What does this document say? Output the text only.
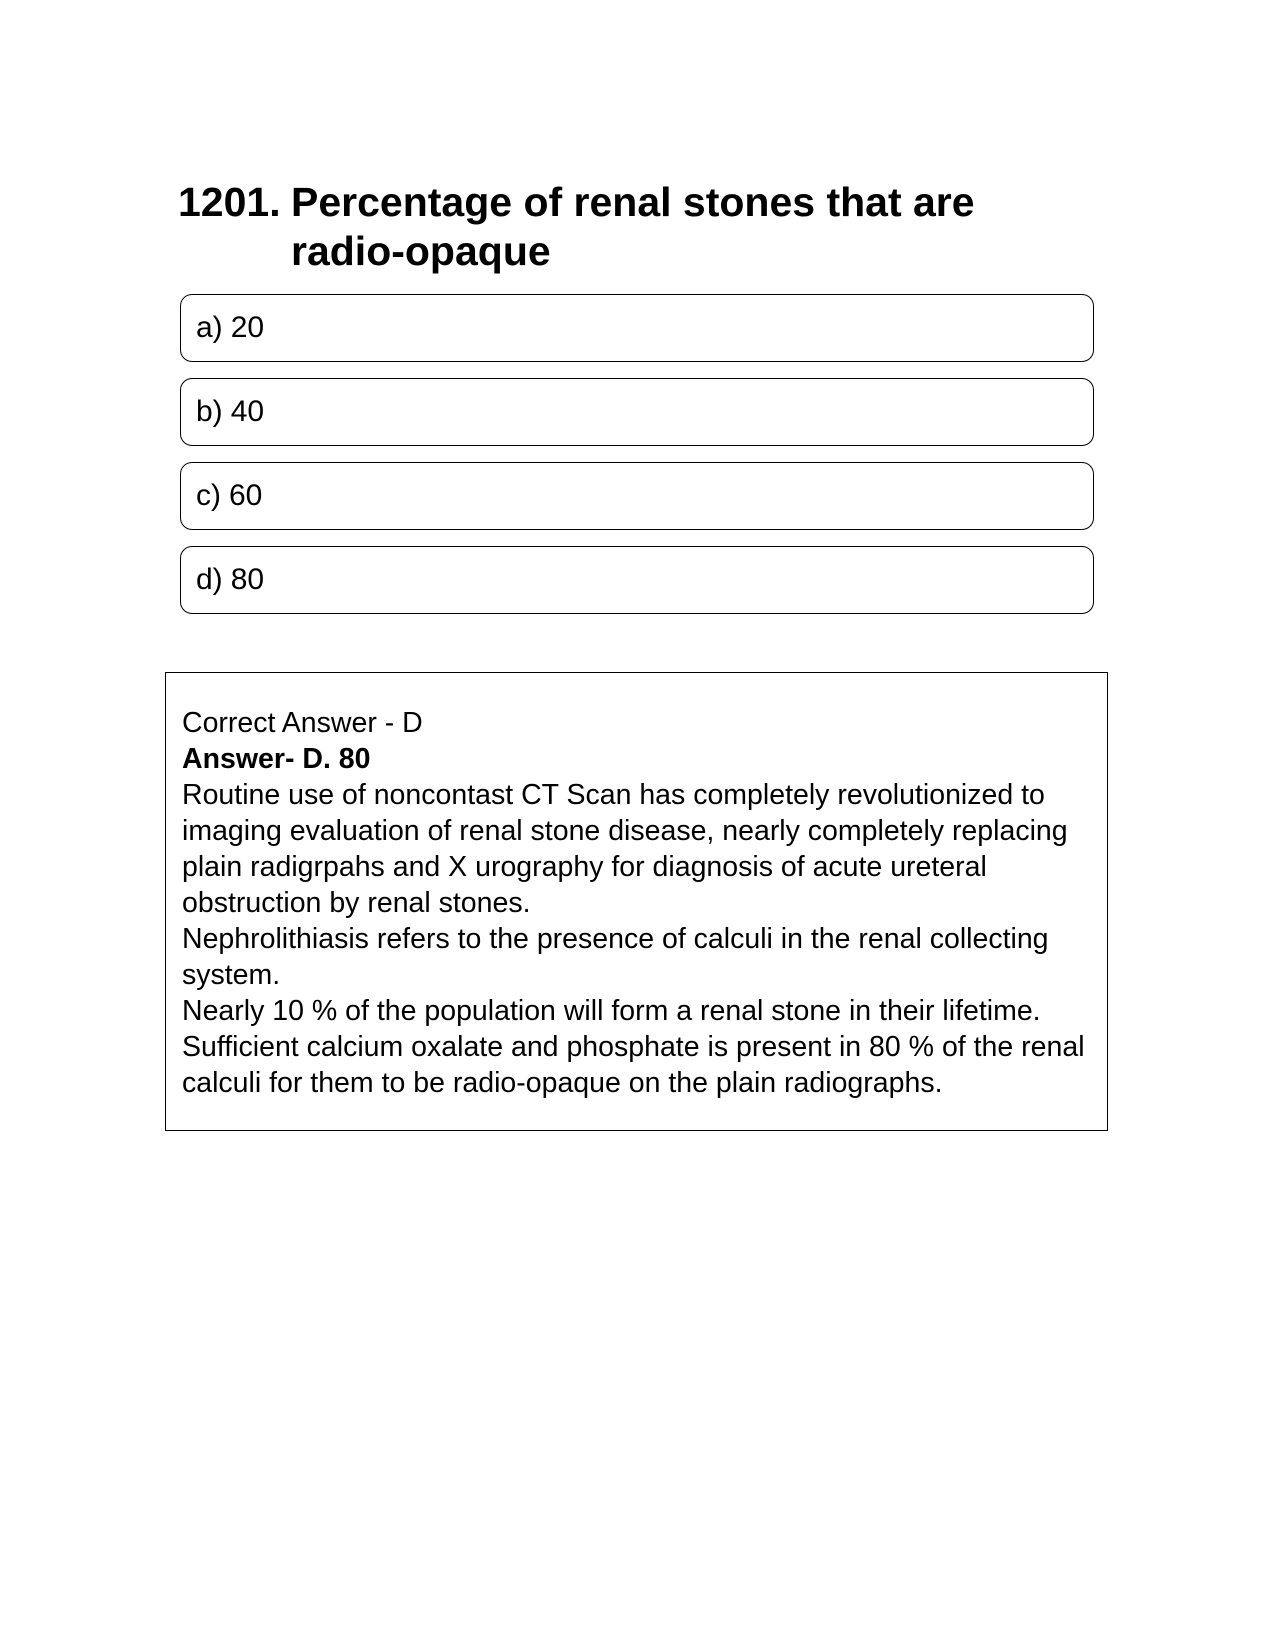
1201. Percentage of renal stones that are radio-opaque
a) 20
b) 40
c) 60
d) 80

Correct Answer - D

Answer- D. 80

Routine use of noncontast CT Scan has completely revolutionized to imaging evaluation of renal stone disease, nearly completely replacing plain radigrpahs and X urography for diagnosis of acute ureteral obstruction by renal stones.

Nephrolithiasis refers to the presence of calculi in the renal collecting system.

Nearly 10 % of the population will form a renal stone in their lifetime.

Sufficient calcium oxalate and phosphate is present in 80 % of the renal calculi for them to be radio-opaque on the plain radiographs.
